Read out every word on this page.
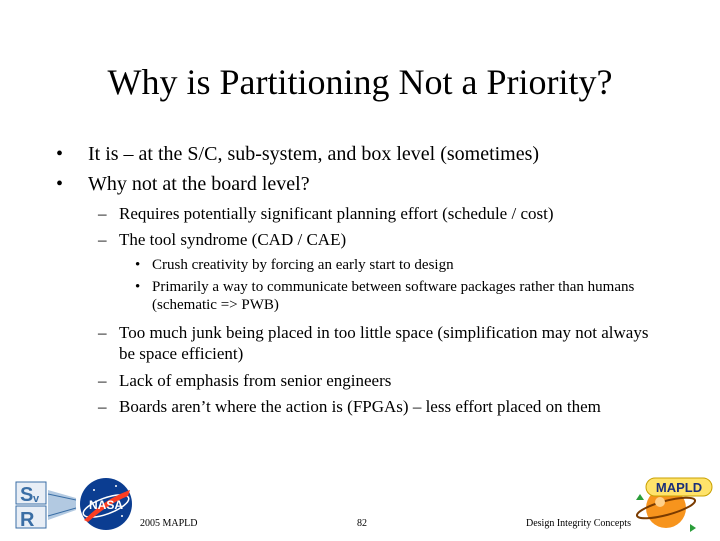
Why is Partitioning Not a Priority?
• It is – at the S/C, sub-system, and box level (sometimes)
• Why not at the board level?
– Requires potentially significant planning effort (schedule / cost)
– The tool syndrome (CAD / CAE)
• Crush creativity by forcing an early start to design
• Primarily a way to communicate between software packages rather than humans (schematic => PWB)
– Too much junk being placed in too little space (simplification may not always be space efficient)
– Lack of emphasis from senior engineers
– Boards aren’t where the action is (FPGAs) – less effort placed on them
S v
R
NASA
2005 MAPLD	82	Design Integrity Concepts
MAPLD
